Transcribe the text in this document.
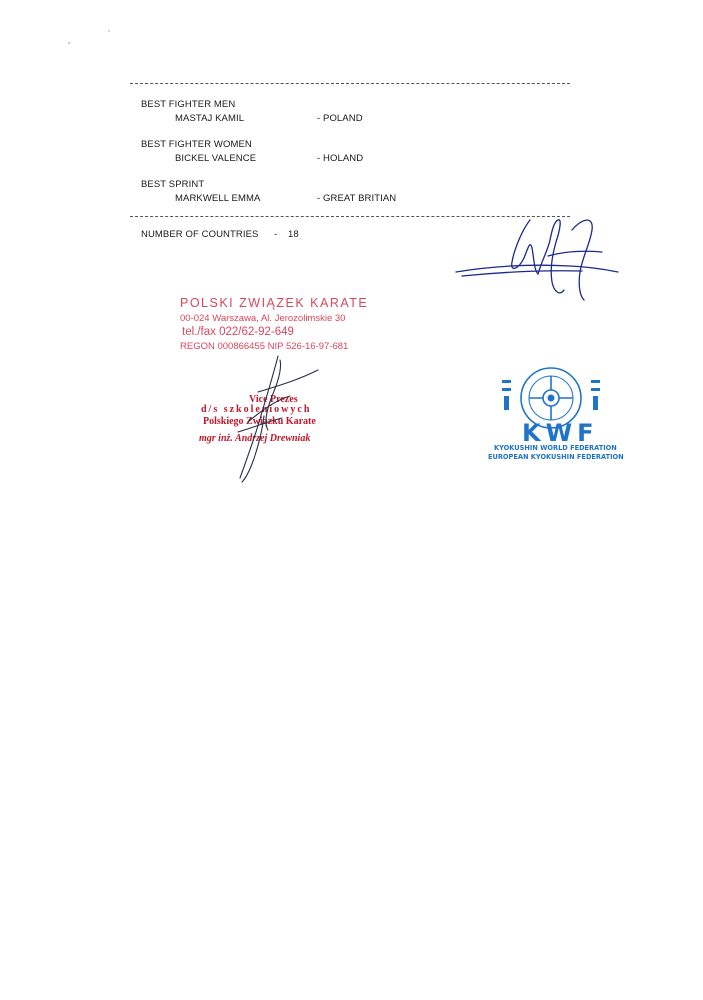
BEST FIGHTER MEN
MASTAJ KAMIL	- POLAND
BEST FIGHTER WOMEN
BICKEL VALENCE	- HOLAND
BEST SPRINT
MARKWELL EMMA	- GREAT BRITIAN
NUMBER OF COUNTRIES - 18
POLSKI ZWIĄZEK KARATE
00-024 Warszawa, Al. Jerozolimskie 30
tel./fax 022/62-92-649
REGON 000866455 NIP 526-16-97-681
Vice Prezes
d/s szkoleniowych
Polskiego Związku Karate
mgr inż. Andrzej Drewniak	KWF
KYOKUSHIN WORLD FEDERATION
EUROPEAN KYOKUSHIN FEDERATION
